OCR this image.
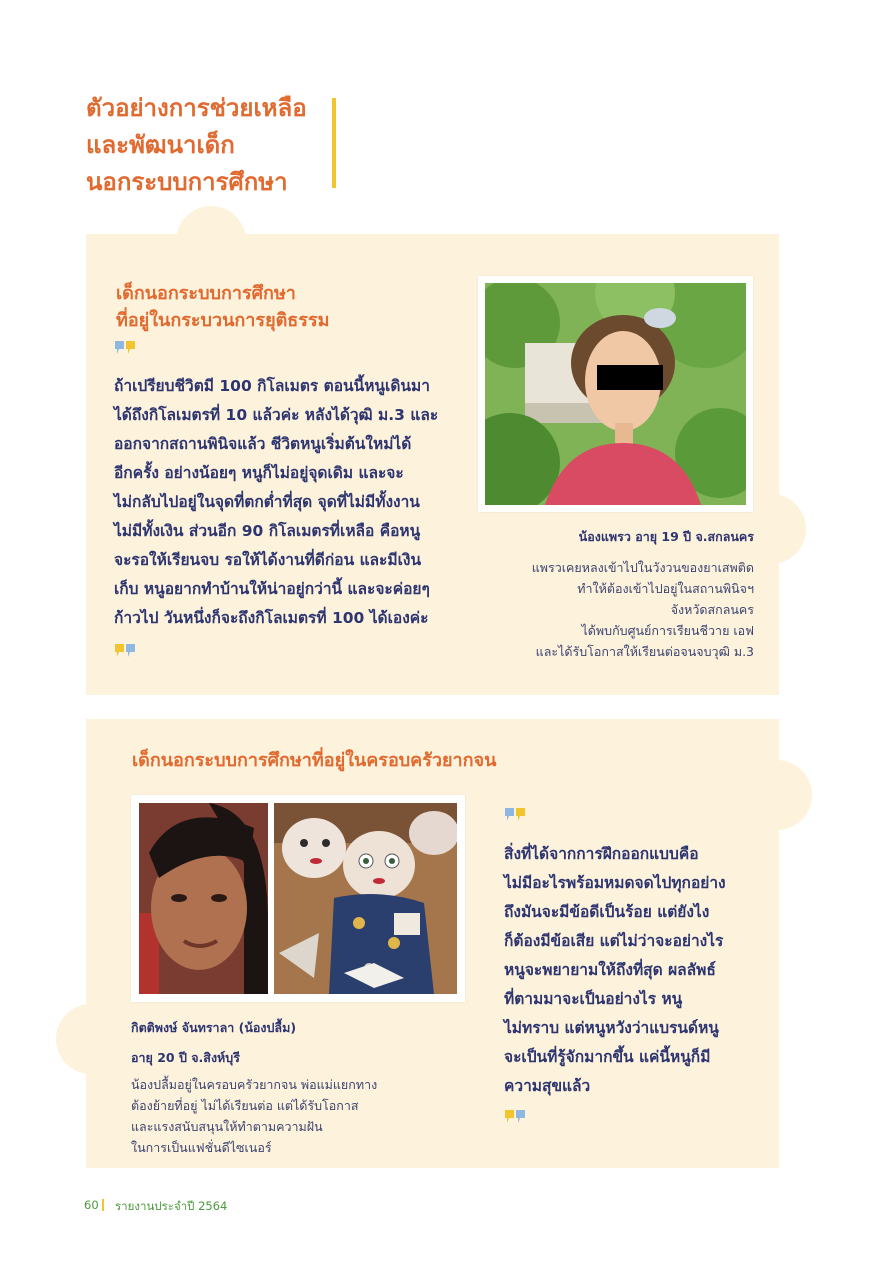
ตัวอย่างการช่วยเหลือ
และพัฒนาเด็ก
นอกระบบการศึกษา
เด็กนอกระบบการศึกษา
ที่อยู่ในกระบวนการยุติธรรม
ถ้าเปรียบชีวิตมี 100 กิโลเมตร ตอนนี้หนูเดินมา
ได้ถึงกิโลเมตรที่ 10 แล้วค่ะ หลังได้วุฒิ ม.3 และ
ออกจากสถานพินิจแล้ว ชีวิตหนูเริ่มต้นใหม่ได้
อีกครั้ง อย่างน้อยๆ หนูก็ไม่อยู่จุดเดิม และจะ
ไม่กลับไปอยู่ในจุดที่ตกต่ำที่สุด จุดที่ไม่มีทั้งงาน
ไม่มีทั้งเงิน ส่วนอีก 90 กิโลเมตรที่เหลือ คือหนู
จะรอให้เรียนจบ รอให้ได้งานที่ดีก่อน และมีเงิน
เก็บ หนูอยากทำบ้านให้น่าอยู่กว่านี้ และจะค่อยๆ
ก้าวไป วันหนึ่งก็จะถึงกิโลเมตรที่ 100 ได้เองค่ะ
น้องแพรว อายุ 19 ปี จ.สกลนคร
แพรวเคยหลงเข้าไปในวังวนของยาเสพติด
ทำให้ต้องเข้าไปอยู่ในสถานพินิจฯ
จังหวัดสกลนคร
ได้พบกับศูนย์การเรียนชีวาย เอฟ
และได้รับโอกาสให้เรียนต่อจนจบวุฒิ ม.3
เด็กนอกระบบการศึกษาที่อยู่ในครอบครัวยากจน
กิตติพงษ์ จันทราลา (น้องปลื้ม)
อายุ 20 ปี จ.สิงห์บุรี
น้องปลื้มอยู่ในครอบครัวยากจน พ่อแม่แยกทาง
ต้องย้ายที่อยู่ ไม่ได้เรียนต่อ แต่ได้รับโอกาส
และแรงสนับสนุนให้ทำตามความฝัน
ในการเป็นแฟชั่นดีไซเนอร์
สิ่งที่ได้จากการฝึกออกแบบคือ
ไม่มีอะไรพร้อมหมดจดไปทุกอย่าง
ถึงมันจะมีข้อดีเป็นร้อย แต่ยังไง
ก็ต้องมีข้อเสีย แต่ไม่ว่าจะอย่างไร
หนูจะพยายามให้ถึงที่สุด ผลลัพธ์
ที่ตามมาจะเป็นอย่างไร หนู
ไม่ทราบ แต่หนูหวังว่าแบรนด์หนู
จะเป็นที่รู้จักมากขึ้น แค่นี้หนูก็มี
ความสุขแล้ว
60 รายงานประจำปี 2564
